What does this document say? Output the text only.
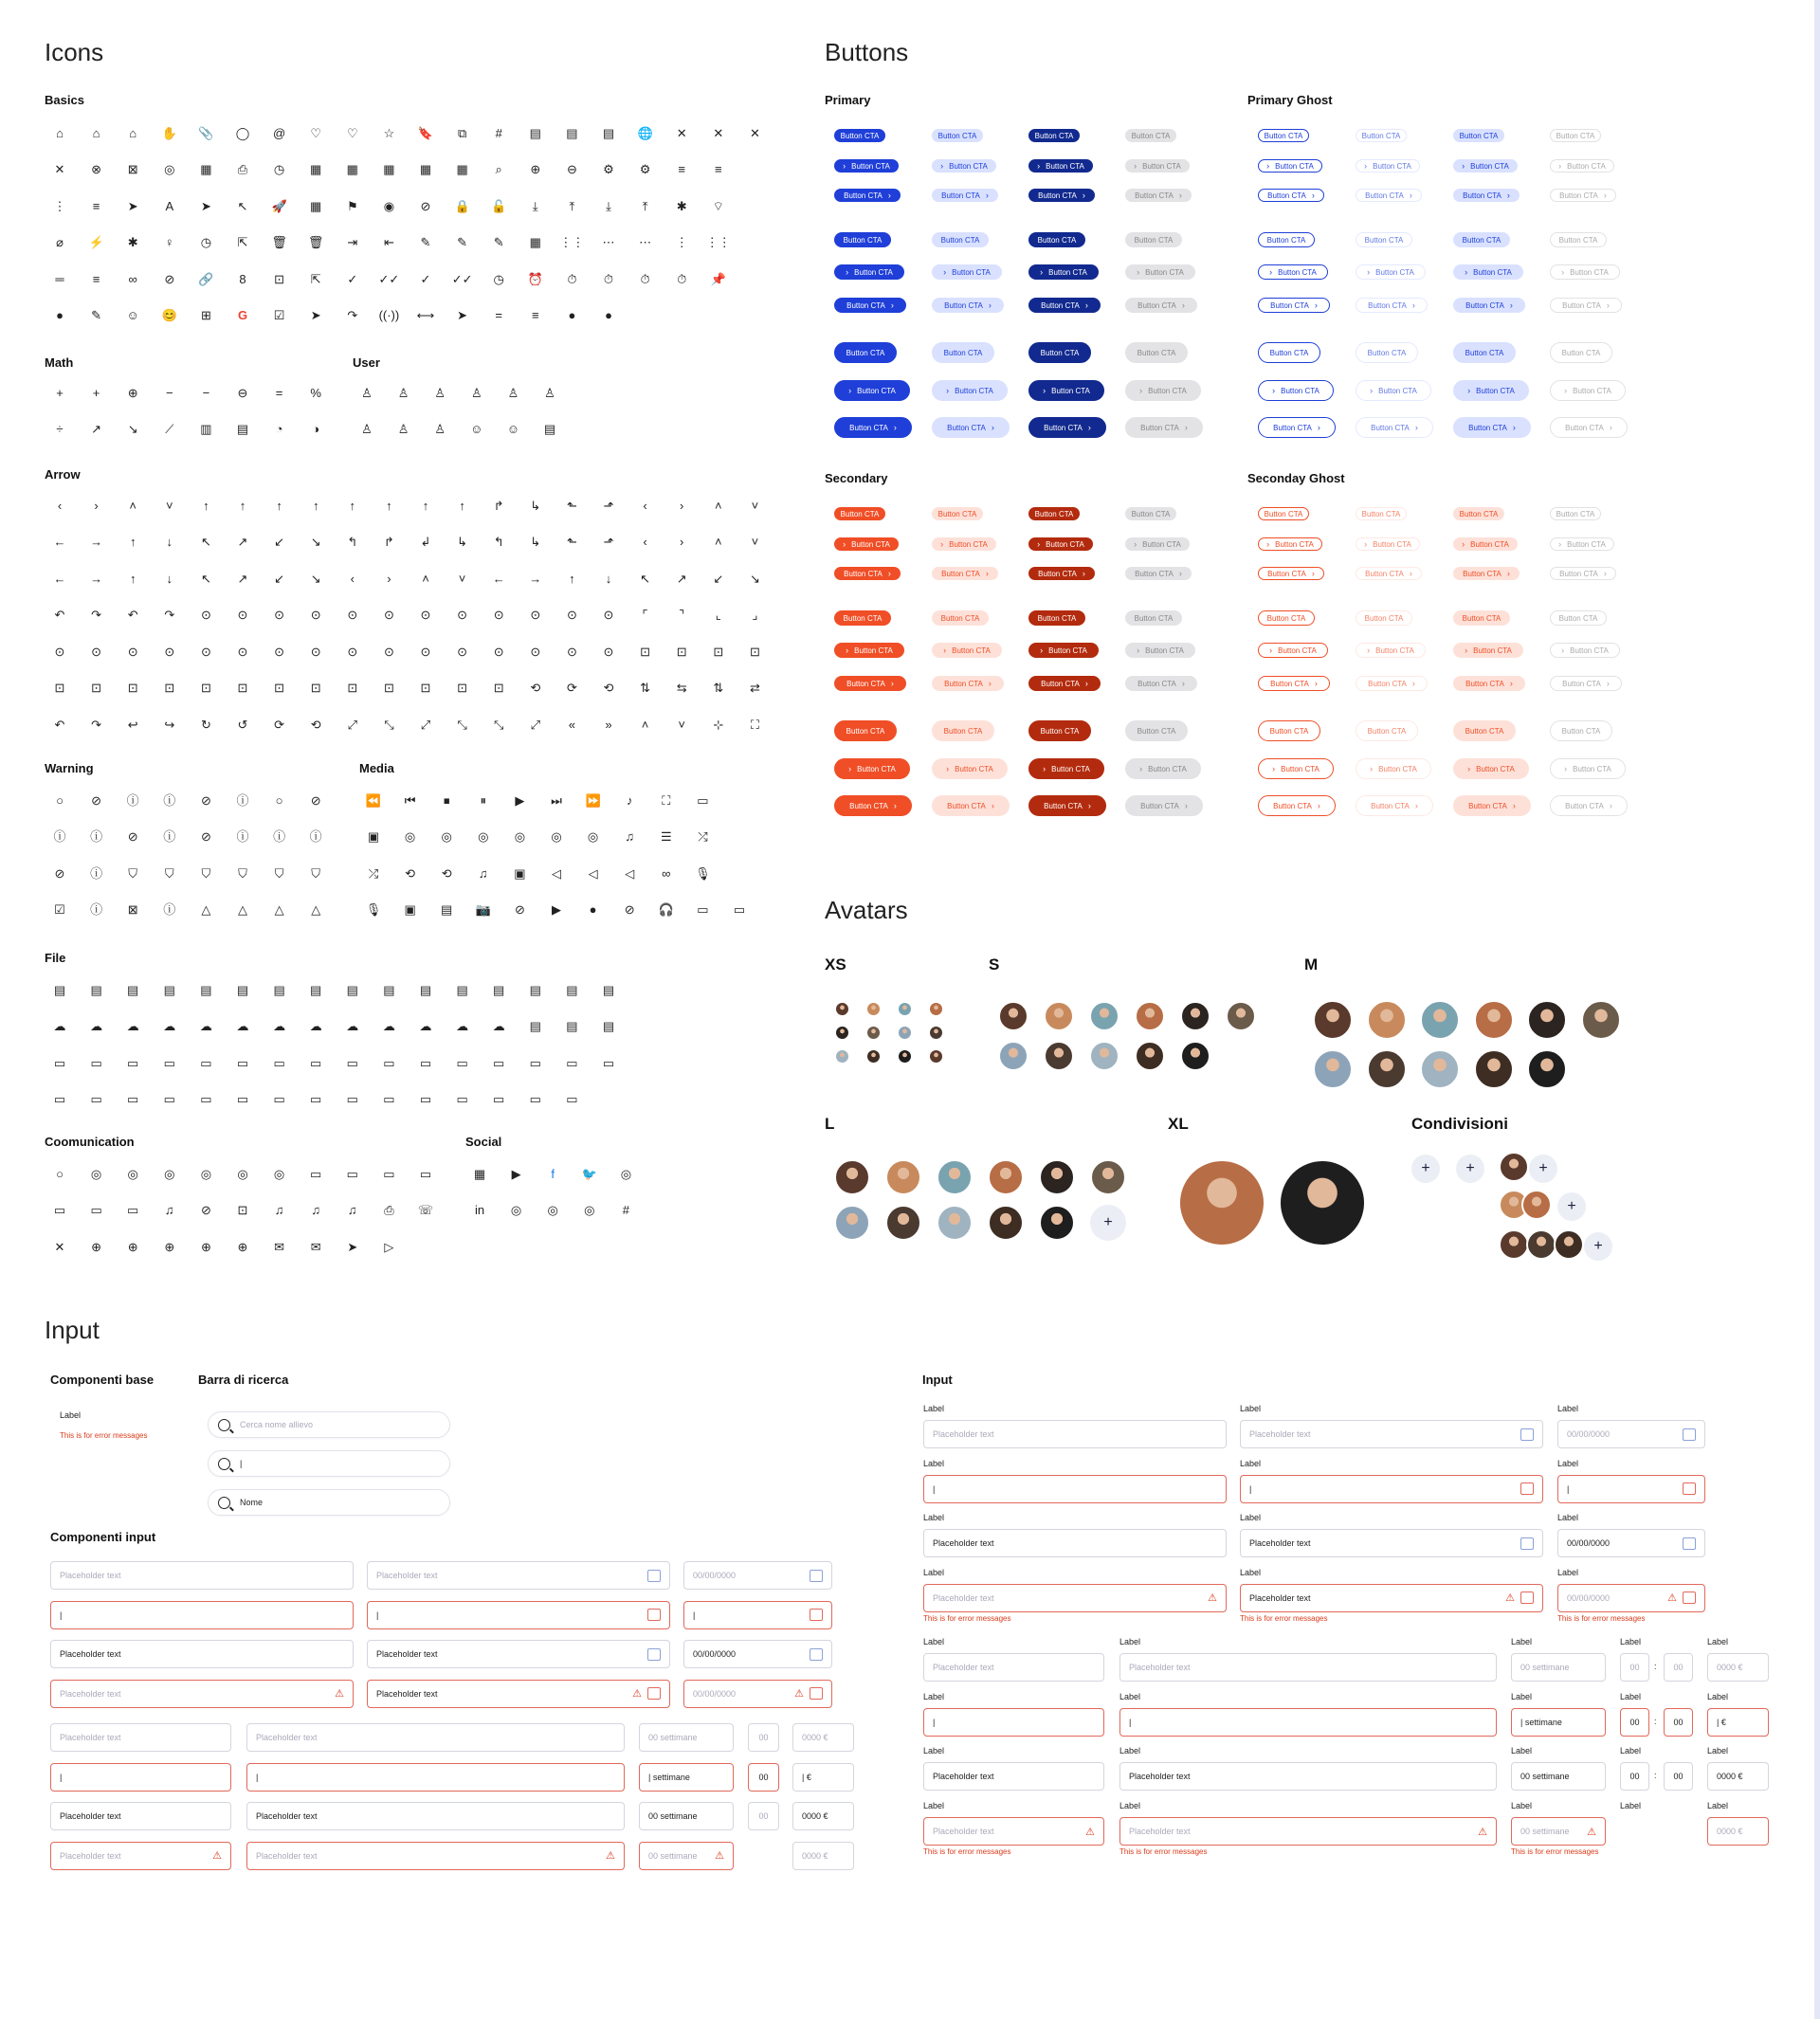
Icons
Basics
Math	User
Arrow
Warning	Media
File
Coomunication	Social
⌂	⌂	⌂	✋	📎	◯	@	♡	♡	☆	🔖	⧉	#	▤	▤	▤	🌐	✕	✕	✕
✕	⊗	⊠	◎	▦	⎙	◷	▦	▦	▦	▦	▦	⌕	⊕	⊖	⚙	⚙	≡	≡
⋮	≡	➤	A	➤	↖	🚀	▦	⚑	◉	⊘	🔒	🔓	⤓	⤒	⤓	⤒	✱	⌔
⌀	⚡	✱	♀	◷	⇱	🗑 🗑	⇥	⇤	✎	✎	✎	▦	⋮⋮	⋯	⋯	⋮	⋮⋮
═	≡	∞	⊘	🔗	8	⊡	⇱	✓	✓✓	✓	✓✓	◷	⏰	⏱	⏱	⏱	⏱	📌
●	✎	☺	😊	⊞	G	☑	➤	↷	((·)) ⟷	➤	=	≡	●	●
+	+	⊕	−	−	⊖	=	%
÷	↗	↘	⟋	▥	▤	◔	◑
♙	♙	♙	♙	♙	♙
♙	♙	♙	☺	☺	▤
‹	›	˄	˅	↑	↑	↑	↑	↑	↑	↑	↑	↱	↳	⬑	⬏	‹	›	˄	˅
←	→	↑	↓	↖	↗	↙	↘	↰	↱	↲	↳	↰	↳	⬑	⬏	‹	›	˄	˅
←	→	↑	↓	↖	↗	↙	↘	‹	›	˄	˅	←	→	↑	↓	↖	↗	↙	↘
↶	↷	↶	↷	⊙	⊙	⊙	⊙	⊙	⊙	⊙	⊙	⊙	⊙	⊙	⊙	⌜	⌝	⌞	⌟
⊙	⊙	⊙	⊙	⊙	⊙	⊙	⊙	⊙	⊙	⊙	⊙	⊙	⊙	⊙	⊙	⊡	⊡	⊡	⊡
⊡	⊡	⊡	⊡	⊡	⊡	⊡	⊡	⊡	⊡	⊡	⊡	⊡	⟲	⟳	⟲	⇅	⇆	⇅	⇄
↶	↷	↩	↪	↻	↺	⟳	⟲	⤢	⤡	⤢	⤡	⤡	⤢	«	»	˄	˅	⊹	⛶
○	⊘	ⓘ	ⓘ	⊘	ⓘ	○	⊘
ⓘ	ⓘ	⊘	ⓘ	⊘	ⓘ	ⓘ	ⓘ
⊘	ⓘ	⛉	⛉	⛉	⛉	⛉	⛉
☑	ⓘ	⊠	ⓘ	△	△	△	△
⏪	⏮	⏹	⏸	▶	⏭	⏩	♪	⛶	▭
▣	◎	◎	◎	◎	◎	◎	♫	☰	⤮
⤮	⟲	⟲	♫	▣	◁	◁	◁	∞	🎙
🎙	▣	▤	📷	⊘	▶	●	⊘	🎧	▭	▭
▤	▤	▤	▤	▤	▤	▤	▤	▤	▤	▤	▤	▤	▤	▤	▤
☁	☁	☁	☁	☁	☁	☁	☁	☁	☁	☁	☁	☁	▤	▤	▤
▭	▭	▭	▭	▭	▭	▭	▭	▭	▭	▭	▭	▭	▭	▭	▭
▭	▭	▭	▭	▭	▭	▭	▭	▭	▭	▭	▭	▭	▭	▭
○	◎	◎	◎	◎	◎	◎	▭	▭	▭	▭
▭	▭	▭	♫	⊘	⊡	♫	♫	♫	⎙	☏
✕	⊕	⊕	⊕	⊕	⊕	✉	✉	➤	▷
▦	▶	f	🐦	◎
in	◎	◎	◎	#
Buttons
Primary	Primary Ghost
Secondary	Seconday Ghost
Button CTA	Button CTA	Button CTA	Button CTA	Button CTA	Button CTA	Button CTA	Button CTA
› Button CTA	› Button CTA	› Button CTA	› Button CTA	› Button CTA	› Button CTA	› Button CTA	› Button CTA
Button CTA ›	Button CTA ›	Button CTA ›	Button CTA ›	Button CTA ›	Button CTA ›	Button CTA ›	Button CTA ›
Button CTA	Button CTA	Button CTA	Button CTA	Button CTA	Button CTA	Button CTA	Button CTA
› Button CTA	› Button CTA	› Button CTA	› Button CTA	› Button CTA	› Button CTA	› Button CTA	› Button CTA
Button CTA ›	Button CTA ›	Button CTA ›	Button CTA ›	Button CTA ›	Button CTA ›	Button CTA ›	Button CTA ›
Button CTA	Button CTA	Button CTA	Button CTA	Button CTA	Button CTA	Button CTA	Button CTA
› Button CTA	› Button CTA	› Button CTA	› Button CTA	› Button CTA	› Button CTA	› Button CTA	› Button CTA
Button CTA ›	Button CTA ›	Button CTA ›	Button CTA ›	Button CTA ›	Button CTA ›	Button CTA ›	Button CTA ›
Button CTA	Button CTA	Button CTA	Button CTA	Button CTA	Button CTA	Button CTA	Button CTA
› Button CTA	› Button CTA	› Button CTA	› Button CTA	› Button CTA	› Button CTA	› Button CTA	› Button CTA
Button CTA ›	Button CTA ›	Button CTA ›	Button CTA ›	Button CTA ›	Button CTA ›	Button CTA ›	Button CTA ›
Button CTA	Button CTA	Button CTA	Button CTA	Button CTA	Button CTA	Button CTA	Button CTA
› Button CTA	› Button CTA	› Button CTA	› Button CTA	› Button CTA	› Button CTA	› Button CTA	› Button CTA
Button CTA ›	Button CTA ›	Button CTA ›	Button CTA ›	Button CTA ›	Button CTA ›	Button CTA ›	Button CTA ›
Button CTA	Button CTA	Button CTA	Button CTA	Button CTA	Button CTA	Button CTA	Button CTA
› Button CTA	› Button CTA	› Button CTA	› Button CTA	› Button CTA	› Button CTA	› Button CTA	› Button CTA
Button CTA ›	Button CTA ›	Button CTA ›	Button CTA ›	Button CTA ›	Button CTA ›	Button CTA ›	Button CTA ›
Avatars
XS	S	M
L	XL	Condivisioni
+
+	+	+
+
+
Input
Componenti base	Barra di ricerca
Componenti input
Input
Label
This is for error messages
Cerca nome allievo
|
Nome
Placeholder text	Placeholder text	00/00/0000
|	|	|
Placeholder text	Placeholder text	00/00/0000
Placeholder text	⚠	Placeholder text	⚠	00/00/0000	⚠
Placeholder text	Placeholder text	00 settimane	00	0000 €
|	|	| settimane	00	| €
Placeholder text	Placeholder text	00 settimane	00	0000 €
Placeholder text	⚠	Placeholder text	⚠	00 settimane	⚠	0000 €
Label
Placeholder text
Label
Placeholder text
Label
00/00/0000
Label
|
Label
|
Label
|
Label
Placeholder text
Label
Placeholder text
Label
00/00/0000
Label
Placeholder text	⚠
This is for error messages
Label
Placeholder text	⚠
This is for error messages
Label
00/00/0000	⚠
This is for error messages
Label	Label	Label	Label	Label
Placeholder text	Placeholder text	00 settimane	00 : 00	0000 €
Label	Label	Label	Label	Label
|	|	| settimane	00 : 00	| €
Label	Label	Label	Label	Label
Placeholder text	Placeholder text	00 settimane	00 : 00	0000 €
Label	Label	Label	Label	Label
Placeholder text	⚠	Placeholder text	⚠	00 settimane	⚠	0000 €
This is for error messages	This is for error messages	This is for error messages
